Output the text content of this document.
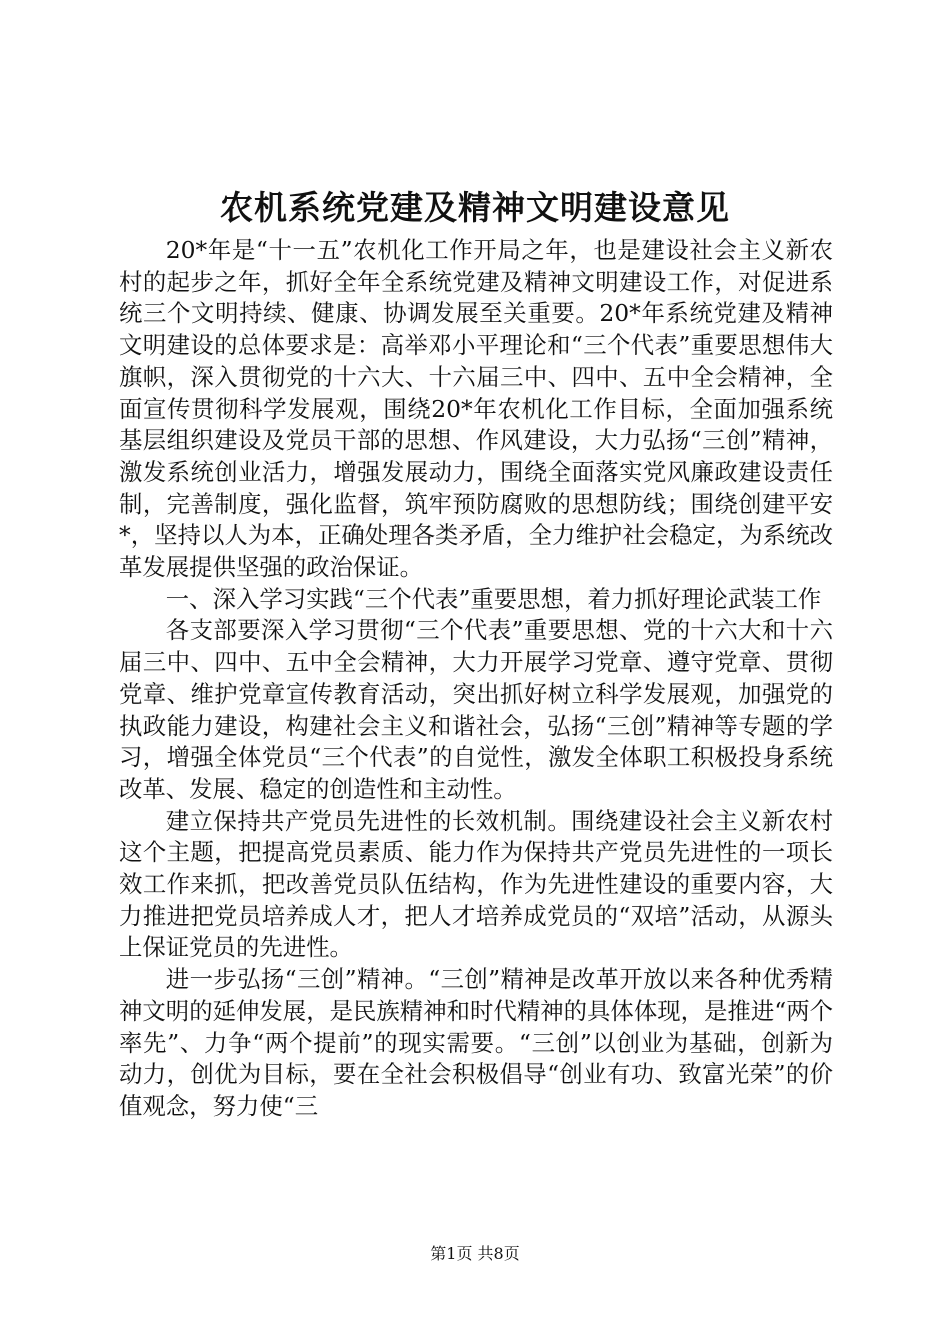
农机系统党建及精神文明建设意见

20*年是“十一五”农机化工作开局之年，也是建设社会主义新农村的起步之年，抓好全年全系统党建及精神文明建设工作，对促进系统三个文明持续、健康、协调发展至关重要。20*年系统党建及精神文明建设的总体要求是：高举邓小平理论和“三个代表”重要思想伟大旗帜，深入贯彻党的十六大、十六届三中、四中、五中全会精神，全面宣传贯彻科学发展观，围绕20*年农机化工作目标，全面加强系统基层组织建设及党员干部的思想、作风建设，大力弘扬“三创”精神，激发系统创业活力，增强发展动力，围绕全面落实党风廉政建设责任制，完善制度，强化监督，筑牢预防腐败的思想防线；围绕创建平安*，坚持以人为本，正确处理各类矛盾，全力维护社会稳定，为系统改革发展提供坚强的政治保证。

一、深入学习实践“三个代表”重要思想，着力抓好理论武装工作

各支部要深入学习贯彻“三个代表”重要思想、党的十六大和十六届三中、四中、五中全会精神，大力开展学习党章、遵守党章、贯彻党章、维护党章宣传教育活动，突出抓好树立科学发展观，加强党的执政能力建设，构建社会主义和谐社会，弘扬“三创”精神等专题的学习，增强全体党员“三个代表”的自觉性，激发全体职工积极投身系统改革、发展、稳定的创造性和主动性。

建立保持共产党员先进性的长效机制。围绕建设社会主义新农村这个主题，把提高党员素质、能力作为保持共产党员先进性的一项长效工作来抓，把改善党员队伍结构，作为先进性建设的重要内容，大力推进把党员培养成人才，把人才培养成党员的“双培”活动，从源头上保证党员的先进性。

进一步弘扬“三创”精神。“三创”精神是改革开放以来各种优秀精神文明的延伸发展，是民族精神和时代精神的具体体现，是推进“两个率先”、力争“两个提前”的现实需要。“三创”以创业为基础，创新为动力，创优为目标，要在全社会积极倡导“创业有功、致富光荣”的价值观念，努力使“三

第1页 共8页
